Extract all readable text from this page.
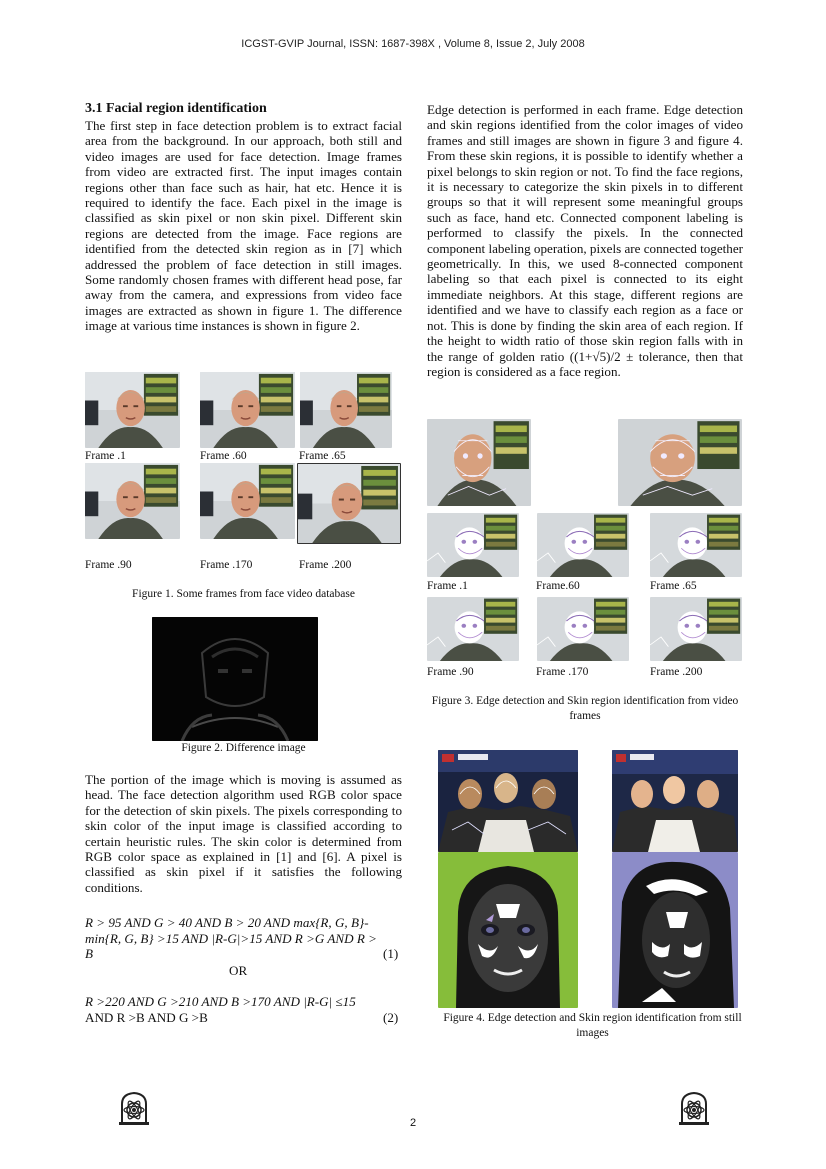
ICGST-GVIP Journal, ISSN: 1687-398X , Volume 8, Issue 2, July 2008
3.1 Facial region identification

The first step in face detection problem is to extract facial area from the background. In our approach, both still and video images are used for face detection. Image frames from video are extracted first. The input images contain regions other than face such as hair, hat etc. Hence it is required to identify the face. Each pixel in the image is classified as skin pixel or non skin pixel. Different skin regions are detected from the image. Face regions are identified from the detected skin region as in [7] which addressed the problem of face detection in still images. Some randomly chosen frames with different head pose, far away from the camera, and expressions from video face images are extracted as shown in figure 1. The difference image at various time instances is shown in figure 2.

Frame .1	Frame .60	Frame .65
Frame .90	Frame .170	Frame .200
Figure 1. Some frames from face video database
Figure 2. Difference image

The portion of the image which is moving is assumed as head. The face detection algorithm used RGB color space for the detection of skin pixels. The pixels corresponding to skin color of the input image is classified according to certain heuristic rules. The skin color is determined from RGB color space as explained in [1] and [6]. A pixel is classified as skin pixel if it satisfies the following conditions.

R > 95 AND G > 40 AND B > 20 AND max{R, G, B}-
min{R, G, B} >15 AND |R-G|>15 AND R >G AND R >
B	(1)
OR
R >220 AND G >210 AND B >170 AND |R-G| ≤15
AND R >B AND G >B	(2)

Edge detection is performed in each frame. Edge detection and skin regions identified from the color images of video frames and still images are shown in figure 3 and figure 4. From these skin regions, it is possible to identify whether a pixel belongs to skin region or not. To find the face regions, it is necessary to categorize the skin pixels in to different groups so that it will represent some meaningful groups such as face, hand etc. Connected component labeling is performed to classify the pixels. In the connected component labeling operation, pixels are connected together geometrically. In this, we used 8-connected component labeling so that each pixel is connected to its eight immediate neighbors. At this stage, different regions are identified and we have to classify each region as a face or not. This is done by finding the skin area of each region. If the height to width ratio of those skin region falls with in the range of golden ratio ((1+√5)/2 ± tolerance, then that region is considered as a face region.

Frame .1	Frame.60	Frame .65
Frame .90	Frame .170	Frame .200
Figure 3. Edge detection and Skin region identification from video frames
Figure 4. Edge detection and Skin region identification from still images
2
